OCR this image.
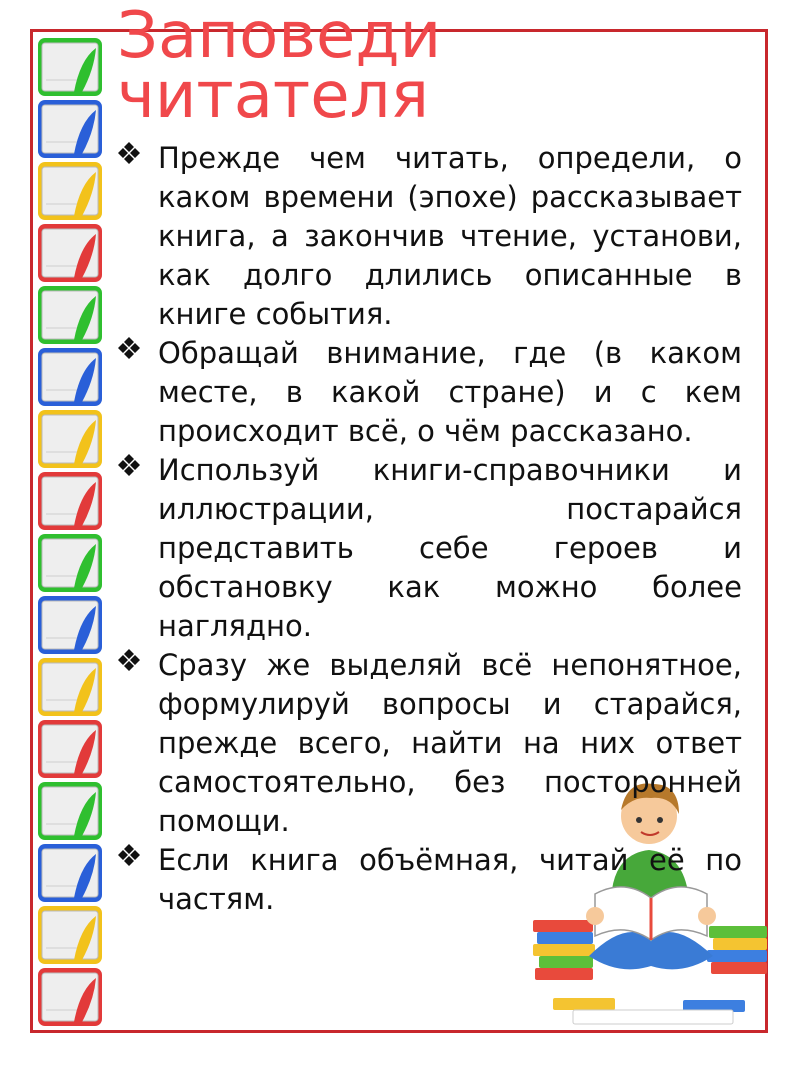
Заповеди
читателя
Прежде чем читать, определи, о каком времени (эпохе) рассказывает книга, а закончив чтение, установи, как долго длились описанные в книге события.
Обращай внимание, где (в каком месте, в какой стране) и с кем происходит всё, о чём рассказано.
Используй книги-справочники и иллюстрации, постарайся представить себе героев и обстановку как можно более наглядно.
Сразу же выделяй всё непонятное, формулируй вопросы и старайся, прежде всего, найти на них ответ самостоятельно, без посторонней помощи.
Если книга объёмная, читай её по частям.
